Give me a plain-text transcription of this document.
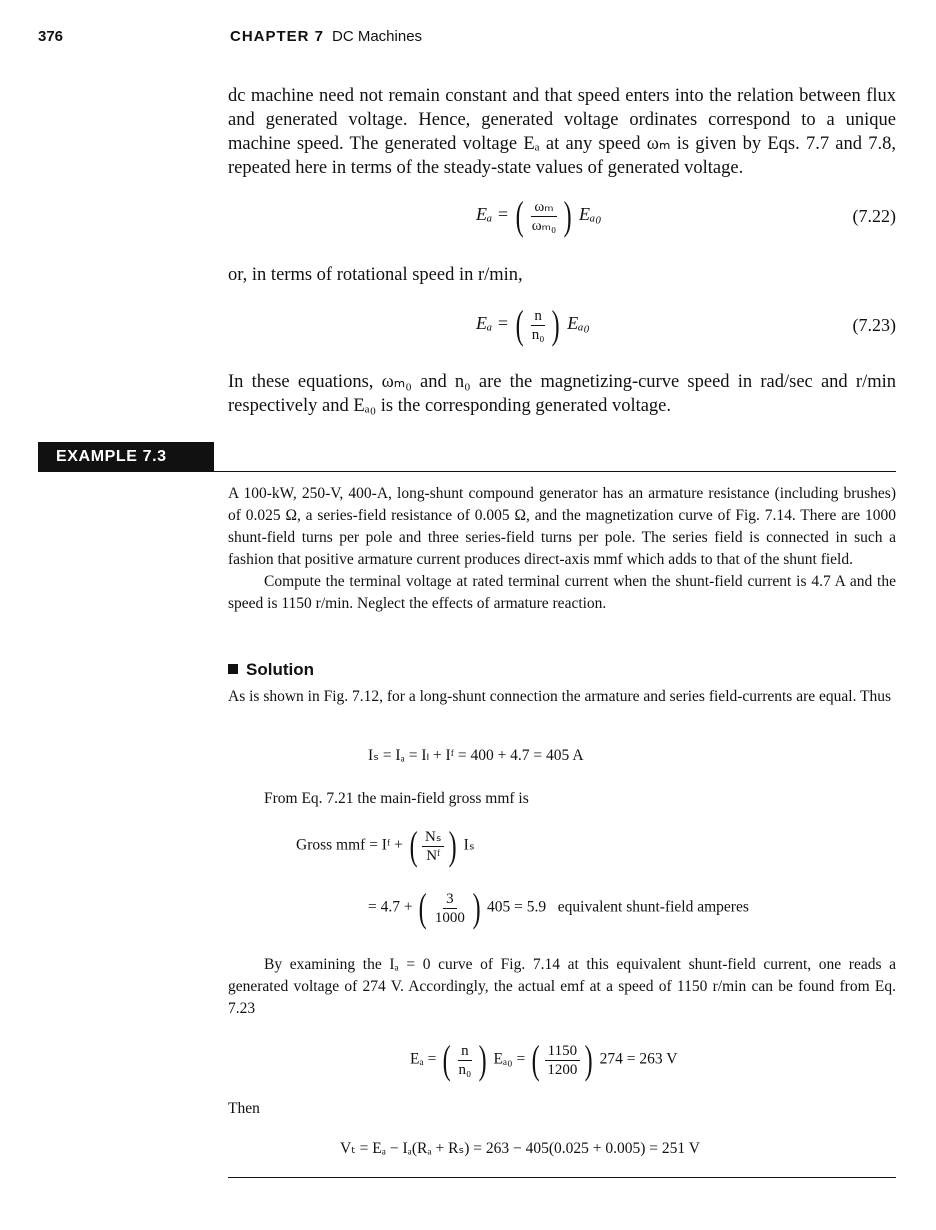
376	CHAPTER 7 DC Machines

dc machine need not remain constant and that speed enters into the relation between flux and generated voltage. Hence, generated voltage ordinates correspond to a unique machine speed. The generated voltage Eₐ at any speed ωₘ is given by Eqs. 7.7 and 7.8, repeated here in terms of the steady-state values of generated voltage.

Eₐ = ( $\frac{\text{ωₘ}}{\text{ωₘ₀}}$ ) Eₐ₀	(7.22)

or, in terms of rotational speed in r/min,

Eₐ = ( $\frac{n}{\text{n₀}}$ ) Eₐ₀	(7.23)

In these equations, ωₘ₀ and n₀ are the magnetizing-curve speed in rad/sec and r/min respectively and Eₐ₀ is the corresponding generated voltage.

EXAMPLE 7.3

A 100-kW, 250-V, 400-A, long-shunt compound generator has an armature resistance (including brushes) of 0.025 Ω, a series-field resistance of 0.005 Ω, and the magnetization curve of Fig. 7.14. There are 1000 shunt-field turns per pole and three series-field turns per pole. The series field is connected in such a fashion that positive armature current produces direct-axis mmf which adds to that of the shunt field.

Compute the terminal voltage at rated terminal current when the shunt-field current is 4.7 A and the speed is 1150 r/min. Neglect the effects of armature reaction.

Solution

As is shown in Fig. 7.12, for a long-shunt connection the armature and series field-currents are equal. Thus

Iₛ = Iₐ = Iₗ + Iᶠ = 400 + 4.7 = 405 A

From Eq. 7.21 the main-field gross mmf is

Gross mmf = Iᶠ + ( $\frac{\text{Nₛ}}{\text{Nᶠ}}$ ) Iₛ
= 4.7 + ( $\frac{3}{1000}$ ) 405 = 5.9 equivalent shunt-field amperes

By examining the Iₐ = 0 curve of Fig. 7.14 at this equivalent shunt-field current, one reads a generated voltage of 274 V. Accordingly, the actual emf at a speed of 1150 r/min can be found from Eq. 7.23

Eₐ = ( $\frac{n}{\text{n₀}}$ ) Eₐ₀ = ( $\frac{1150}{1200}$ ) 274 = 263 V

Then

Vₜ = Eₐ − Iₐ(Rₐ + Rₛ) = 263 − 405(0.025 + 0.005) = 251 V
